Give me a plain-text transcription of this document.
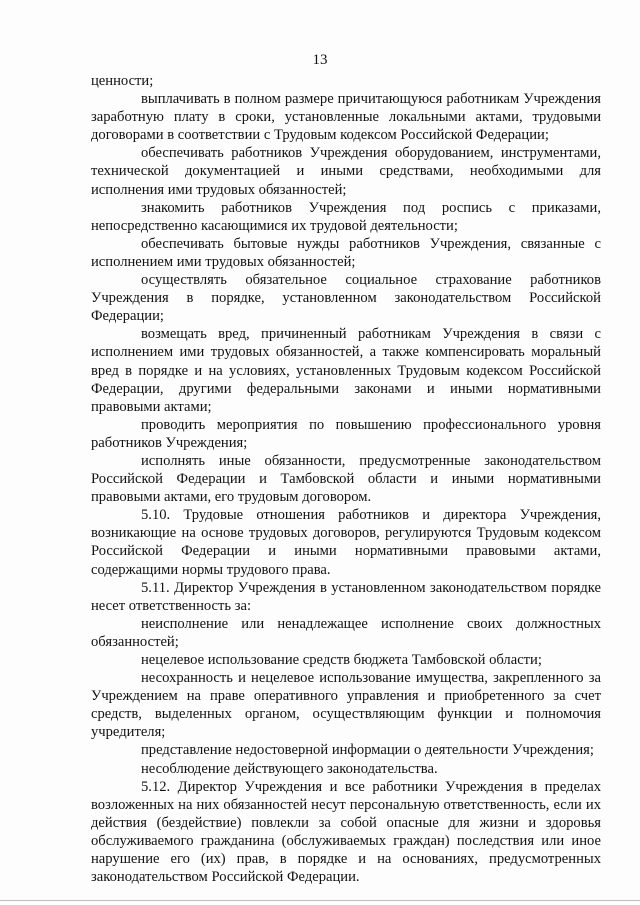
13

ценности;

выплачивать в полном размере причитающуюся работникам Учреждения заработную плату в сроки, установленные локальными актами, трудовыми договорами в соответствии с Трудовым кодексом Российской Федерации;

обеспечивать работников Учреждения оборудованием, инструментами, технической документацией и иными средствами, необходимыми для исполнения ими трудовых обязанностей;

знакомить работников Учреждения под роспись с приказами, непосредственно касающимися их трудовой деятельности;

обеспечивать бытовые нужды работников Учреждения, связанные с исполнением ими трудовых обязанностей;

осуществлять обязательное социальное страхование работников Учреждения в порядке, установленном законодательством Российской Федерации;

возмещать вред, причиненный работникам Учреждения в связи с исполнением ими трудовых обязанностей, а также компенсировать моральный вред в порядке и на условиях, установленных Трудовым кодексом Российской Федерации, другими федеральными законами и иными нормативными правовыми актами;

проводить мероприятия по повышению профессионального уровня работников Учреждения;

исполнять иные обязанности, предусмотренные законодательством Российской Федерации и Тамбовской области и иными нормативными правовыми актами, его трудовым договором.

5.10. Трудовые отношения работников и директора Учреждения, возникающие на основе трудовых договоров, регулируются Трудовым кодексом Российской Федерации и иными нормативными правовыми актами, содержащими нормы трудового права.

5.11. Директор Учреждения в установленном законодательством порядке несет ответственность за:

неисполнение или ненадлежащее исполнение своих должностных обязанностей;

нецелевое использование средств бюджета Тамбовской области;

несохранность и нецелевое использование имущества, закрепленного за Учреждением на праве оперативного управления и приобретенного за счет средств, выделенных органом, осуществляющим функции и полномочия учредителя;

представление недостоверной информации о деятельности Учреждения;

несоблюдение действующего законодательства.

5.12. Директор Учреждения и все работники Учреждения в пределах возложенных на них обязанностей несут персональную ответственность, если их действия (бездействие) повлекли за собой опасные для жизни и здоровья обслуживаемого гражданина (обслуживаемых граждан) последствия или иное нарушение его (их) прав, в порядке и на основаниях, предусмотренных законодательством Российской Федерации.
